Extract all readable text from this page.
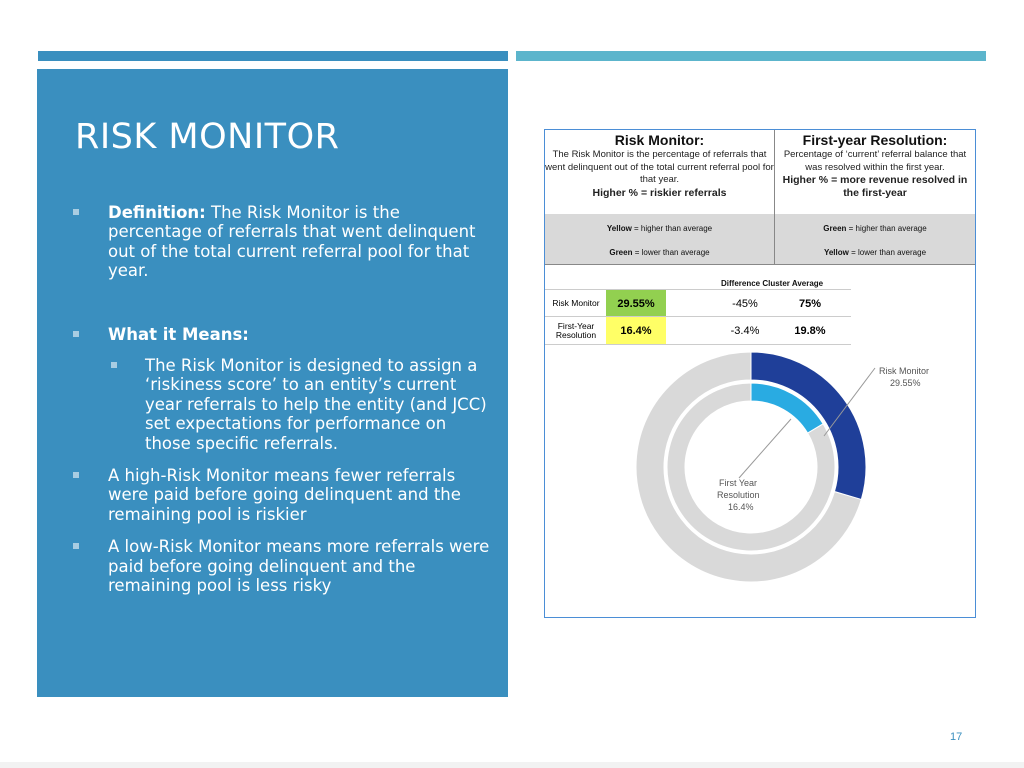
RISK MONITOR
Definition: The Risk Monitor is the percentage of referrals that went delinquent out of the total current referral pool for that year.
What it Means:
The Risk Monitor is designed to assign a ‘riskiness score’ to an entity’s current year referrals to help the entity (and JCC) set expectations for performance on those specific referrals.
A high-Risk Monitor means fewer referrals were paid before going delinquent and the remaining pool is riskier
A low-Risk Monitor means more referrals were paid before going delinquent and the remaining pool is less risky
Risk Monitor:

The Risk Monitor is the percentage of referrals that went delinquent out of the total current referral pool for that year.

Higher % = riskier referrals

First-year Resolution:

Percentage of ‘current’ referral balance that was resolved within the first year.

Higher % = more revenue resolved in the first-year

Yellow = higher than average
Green = lower than average
Green = higher than average
Yellow = lower than average
Difference Cluster Average
Risk Monitor	29.55%	-45%	75%
First-Year Resolution	16.4%	-3.4%	19.8%
Risk Monitor
29.55%
First Year
Resolution
16.4%
17
